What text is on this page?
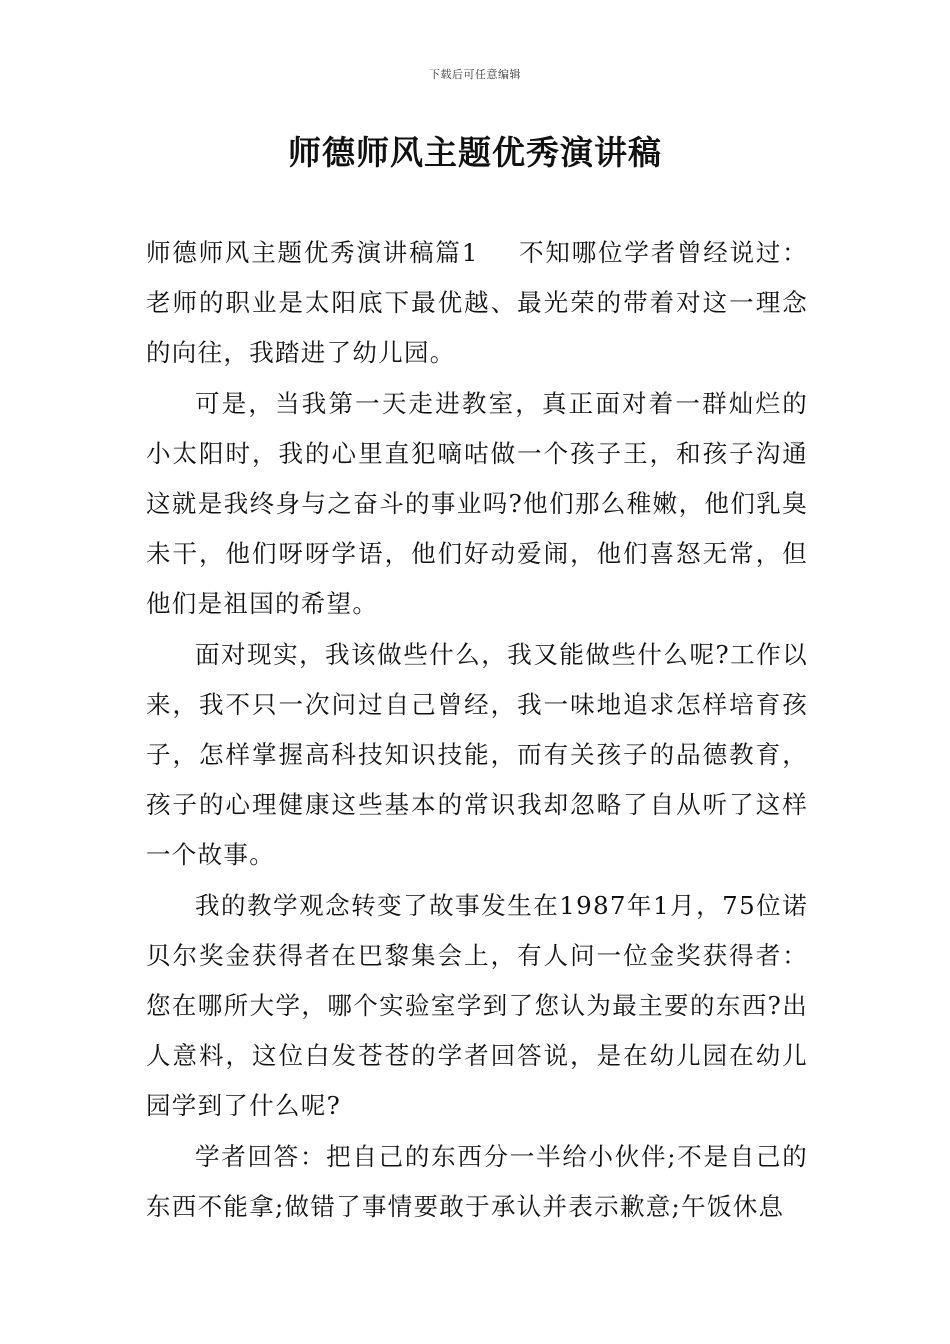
下载后可任意编辑
师德师风主题优秀演讲稿

师德师风主题优秀演讲稿篇1 不知哪位学者曾经说过：老师的职业是太阳底下最优越、最光荣的带着对这一理念的向往，我踏进了幼儿园。

可是，当我第一天走进教室，真正面对着一群灿烂的小太阳时，我的心里直犯嘀咕做一个孩子王，和孩子沟通这就是我终身与之奋斗的事业吗?他们那么稚嫩，他们乳臭未干，他们呀呀学语，他们好动爱闹，他们喜怒无常，但他们是祖国的希望。

面对现实，我该做些什么，我又能做些什么呢?工作以来，我不只一次问过自己曾经，我一味地追求怎样培育孩子，怎样掌握高科技知识技能，而有关孩子的品德教育，孩子的心理健康这些基本的常识我却忽略了自从听了这样一个故事。

我的教学观念转变了故事发生在1987年1月，75位诺贝尔奖金获得者在巴黎集会上，有人问一位金奖获得者：您在哪所大学，哪个实验室学到了您认为最主要的东西?出人意料，这位白发苍苍的学者回答说，是在幼儿园在幼儿园学到了什么呢?

学者回答：把自己的东西分一半给小伙伴;不是自己的东西不能拿;做错了事情要敢于承认并表示歉意;午饭休息
